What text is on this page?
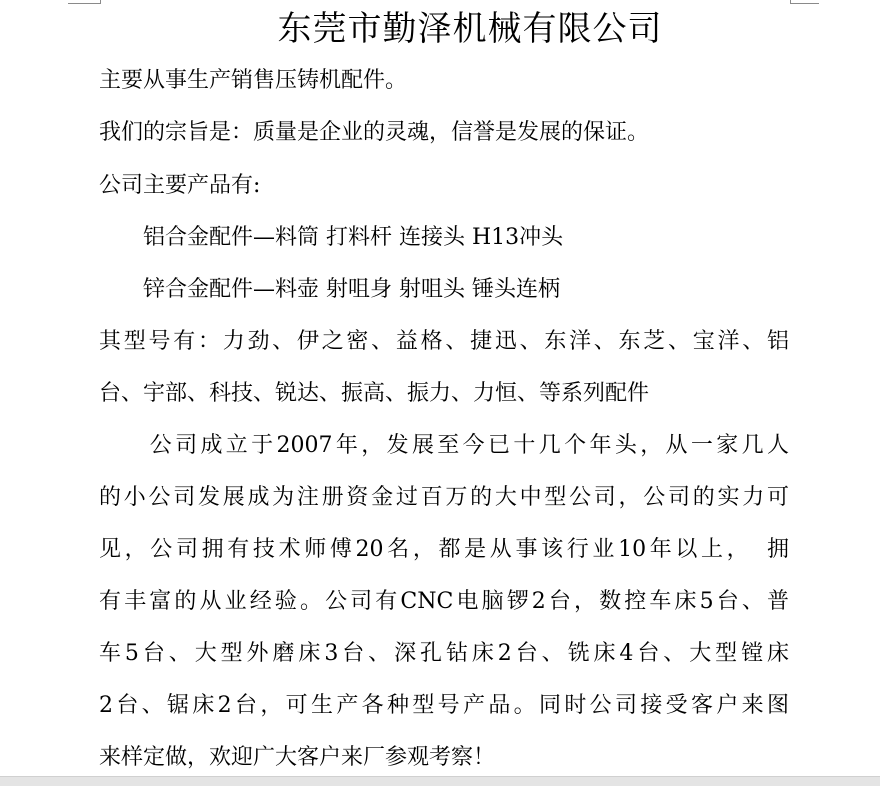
东莞市勤泽机械有限公司
主要从事生产销售压铸机配件。
我们的宗旨是：质量是企业的灵魂，信誉是发展的保证。
公司主要产品有:
　　铝合金配件—料筒 打料杆 连接头 H13冲头
　　锌合金配件—料壶 射咀身 射咀头 锤头连柄
其型号有：力劲、伊之密、益格、捷迅、东洋、东芝、宝洋、铝
台、宇部、科技、锐达、振高、振力、力恒、等系列配件
　　公司成立于2007年，发展至今已十几个年头，从一家几人
的小公司发展成为注册资金过百万的大中型公司，公司的实力可
见，公司拥有技术师傅20名，都是从事该行业10年以上，　拥
有丰富的从业经验。公司有CNC电脑锣2台，数控车床5台、普
车5台、大型外磨床3台、深孔钻床2台、铣床4台、大型镗床
2台、锯床2台，可生产各种型号产品。同时公司接受客户来图
来样定做，欢迎广大客户来厂参观考察！
